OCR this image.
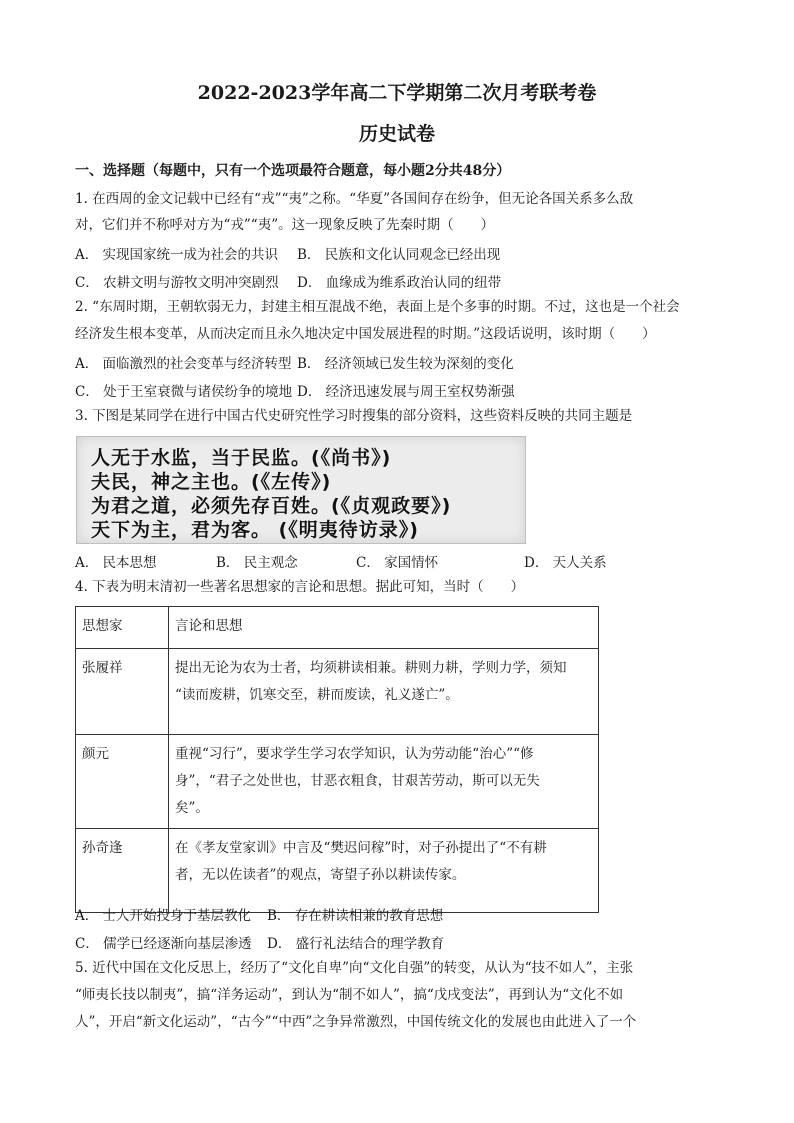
2022-2023学年高二下学期第二次月考联考卷
历史试卷
一、选择题（每题中，只有一个选项最符合题意，每小题2分共48分）
1. 在西周的金文记载中已经有“戎”“夷”之称。“华夏”各国间存在纷争，但无论各国关系多么敌
对，它们并不称呼对方为“戎”“夷”。这一现象反映了先秦时期（　　）
A． 实现国家统一成为社会的共识 B． 民族和文化认同观念已经出现
C． 农耕文明与游牧文明冲突剧烈 D． 血缘成为维系政治认同的纽带
2. “东周时期，王朝软弱无力，封建主相互混战不绝，表面上是个多事的时期。不过，这也是一个社会
经济发生根本变革，从而决定而且永久地决定中国发展进程的时期。”这段话说明，该时期（　　）
A． 面临激烈的社会变革与经济转型 B． 经济领域已发生较为深刻的变化
C． 处于王室衰微与诸侯纷争的境地 D． 经济迅速发展与周王室权势渐强
3. 下图是某同学在进行中国古代史研究性学习时搜集的部分资料，这些资料反映的共同主题是
人无于水监，当于民监。(《尚书》)
夫民，神之主也。(《左传》)
为君之道，必须先存百姓。(《贞观政要》)
天下为主，君为客。 (《明夷待访录》)
A． 民本思想	B． 民主观念	C． 家国情怀	D． 天人关系
4. 下表为明末清初一些著名思想家的言论和思想。据此可知，当时（　　）
思想家	言论和思想
张履祥	提出无论为农为士者，均须耕读相兼。耕则力耕，学则力学，须知
“读而废耕，饥寒交至，耕而废读，礼义遂亡”。

颜元	重视“习行”，要求学生学习农学知识，认为劳动能“治心”“修
身”，“君子之处世也，甘恶衣粗食，甘艰苦劳动，斯可以无失
矣”。

孙奇逢	在《孝友堂家训》中言及“樊迟问稼”时，对子孙提出了“不有耕
者，无以佐读者”的观点，寄望子孙以耕读传家。
A． 士人开始投身于基层教化 B． 存在耕读相兼的教育思想
C． 儒学已经逐渐向基层渗透 D． 盛行礼法结合的理学教育
5. 近代中国在文化反思上，经历了“文化自卑”向“文化自强”的转变，从认为“技不如人”，主张
“师夷长技以制夷”，搞“洋务运动”，到认为“制不如人”，搞“戊戌变法”，再到认为“文化不如
人”，开启“新文化运动”，“古今”“中西”之争异常激烈，中国传统文化的发展也由此进入了一个
